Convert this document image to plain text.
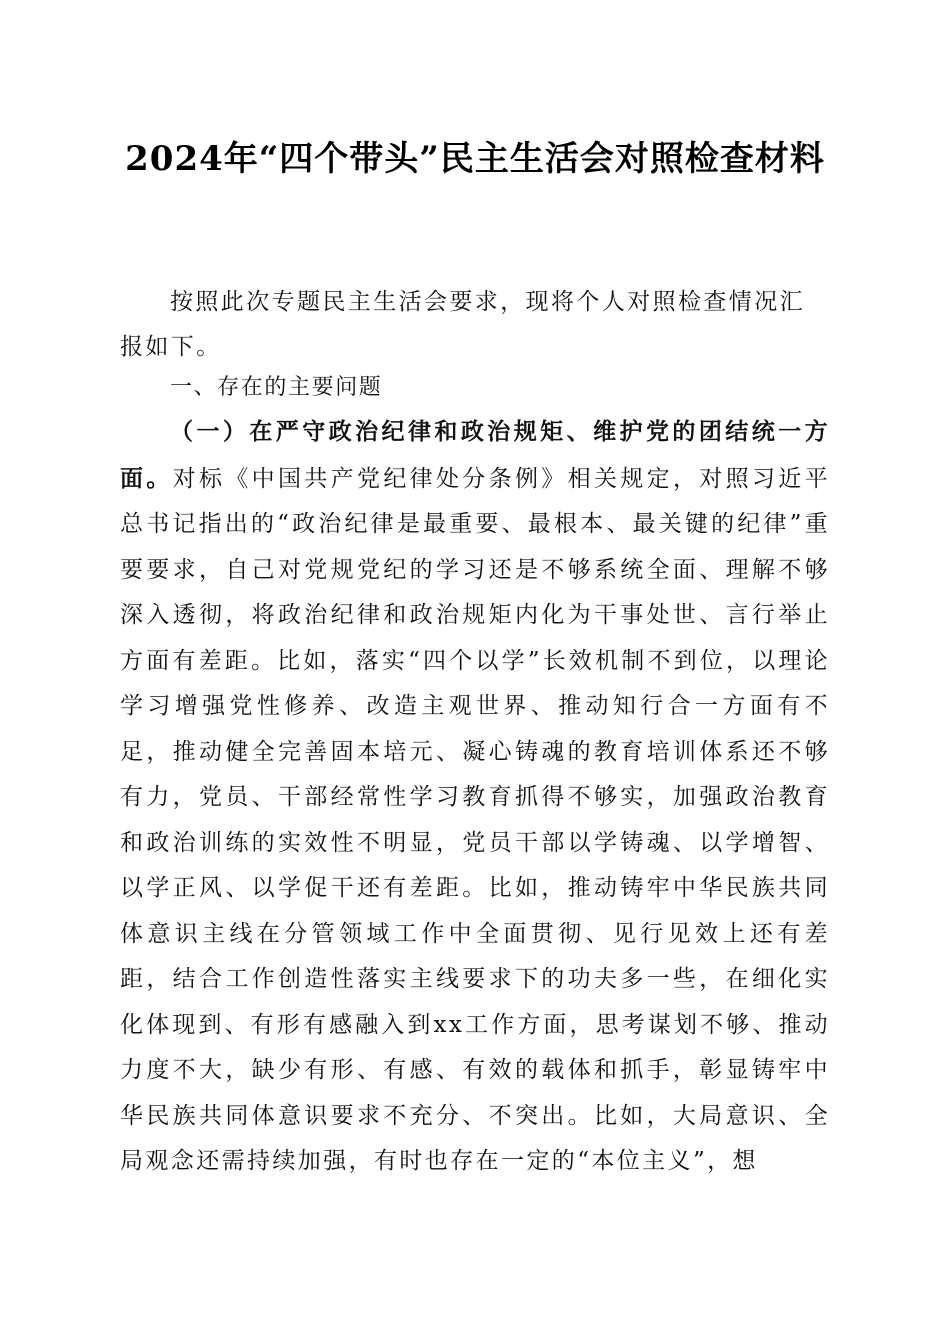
2024年“四个带头”民主生活会对照检查材料

按照此次专题民主生活会要求，现将个人对照检查情况汇报如下。

一、存在的主要问题

（一）在严守政治纪律和政治规矩、维护党的团结统一方面。对标《中国共产党纪律处分条例》相关规定，对照习近平总书记指出的“政治纪律是最重要、最根本、最关键的纪律”重要要求，自己对党规党纪的学习还是不够系统全面、理解不够深入透彻，将政治纪律和政治规矩内化为干事处世、言行举止方面有差距。比如，落实“四个以学”长效机制不到位，以理论学习增强党性修养、改造主观世界、推动知行合一方面有不足，推动健全完善固本培元、凝心铸魂的教育培训体系还不够有力，党员、干部经常性学习教育抓得不够实，加强政治教育和政治训练的实效性不明显，党员干部以学铸魂、以学增智、以学正风、以学促干还有差距。比如，推动铸牢中华民族共同体意识主线在分管领域工作中全面贯彻、见行见效上还有差距，结合工作创造性落实主线要求下的功夫多一些，在细化实化体现到、有形有感融入到xx工作方面，思考谋划不够、推动力度不大，缺少有形、有感、有效的载体和抓手，彰显铸牢中华民族共同体意识要求不充分、不突出。比如，大局意识、全局观念还需持续加强，有时也存在一定的“本位主义”，想
